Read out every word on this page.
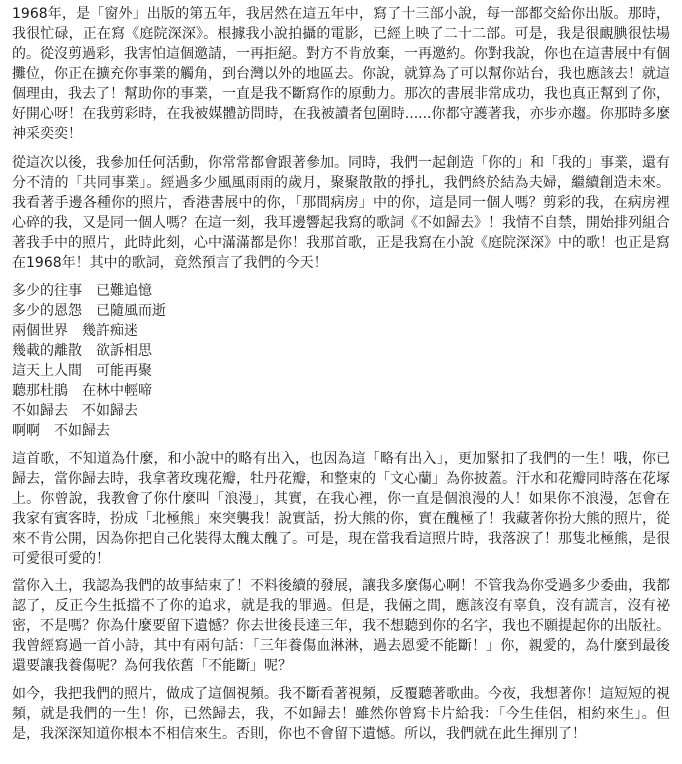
1968年，是「窗外」出版的第五年，我居然在這五年中，寫了十三部小說，每一部都交給你出版。那時，我很忙碌，正在寫《庭院深深》。根據我小說拍攝的電影，已經上映了二十二部。可是，我是很靦腆很怯場的。從沒剪過彩，我害怕這個邀請，一再拒絕。對方不肯放棄，一再邀約。你對我說，你也在這書展中有個攤位，你正在擴充你事業的觸角，到台灣以外的地區去。你說，就算為了可以幫你站台，我也應該去！就這個理由，我去了！幫助你的事業，一直是我不斷寫作的原動力。那次的書展非常成功，我也真正幫到了你，好開心呀！在我剪彩時，在我被媒體訪問時，在我被讀者包圍時......你都守護著我，亦步亦趨。你那時多麼神采奕奕！

從這次以後，我參加任何活動，你常常都會跟著參加。同時，我們一起創造「你的」和「我的」事業，還有分不清的「共同事業」。經過多少風風雨雨的歲月，聚聚散散的掙扎，我們終於結為夫婦，繼續創造未來。我看著手邊各種你的照片，香港書展中的你，「那間病房」中的你，這是同一個人嗎？剪彩的我，在病房裡心碎的我，又是同一個人嗎？在這一刻，我耳邊響起我寫的歌詞《不如歸去》！我情不自禁，開始排列組合著我手中的照片，此時此刻，心中滿滿都是你！我那首歌，正是我寫在小說《庭院深深》中的歌！也正是寫在1968年！其中的歌詞，竟然預言了我們的今天！

多少的往事　已難追憶
多少的恩怨　已隨風而逝
兩個世界　幾許痴迷
幾載的離散　欲訴相思
這天上人間　可能再聚
聽那杜鵑　在林中輕啼
不如歸去　不如歸去
啊啊　不如歸去

這首歌，不知道為什麼，和小說中的略有出入，也因為這「略有出入」，更加緊扣了我們的一生！哦，你已歸去，當你歸去時，我拿著玫瑰花瓣，牡丹花瓣，和整束的「文心蘭」為你披蓋。汗水和花瓣同時落在花塚上。你曾說，我教會了你什麼叫「浪漫」，其實，在我心裡，你一直是個浪漫的人！如果你不浪漫，怎會在我家有賓客時，扮成「北極熊」來突襲我！說實話，扮大熊的你，實在醜極了！我藏著你扮大熊的照片，從來不肯公開，因為你把自己化裝得太醜太醜了。可是，現在當我看這照片時，我落淚了！那隻北極熊，是很可愛很可愛的！

當你入土，我認為我們的故事結束了！不料後續的發展，讓我多麼傷心啊！不管我為你受過多少委曲，我都認了，反正今生抵擋不了你的追求，就是我的罪過。但是，我倆之間，應該沒有辜負，沒有謊言，沒有祕密，不是嗎？你為什麼要留下遺憾？你去世後長達三年，我不想聽到你的名字，我也不願提起你的出版社。我曾經寫過一首小詩，其中有兩句話：「三年養傷血淋淋，過去恩愛不能斷！」你，親愛的，為什麼到最後還要讓我養傷呢？為何我依舊「不能斷」呢？

如今，我把我們的照片，做成了這個視頻。我不斷看著視頻，反覆聽著歌曲。今夜，我想著你！這短短的視頻，就是我們的一生！你，已然歸去，我，不如歸去！雖然你曾寫卡片給我：「今生佳侶，相約來生」。但是，我深深知道你根本不相信來生。否則，你也不會留下遺憾。所以，我們就在此生揮別了！
